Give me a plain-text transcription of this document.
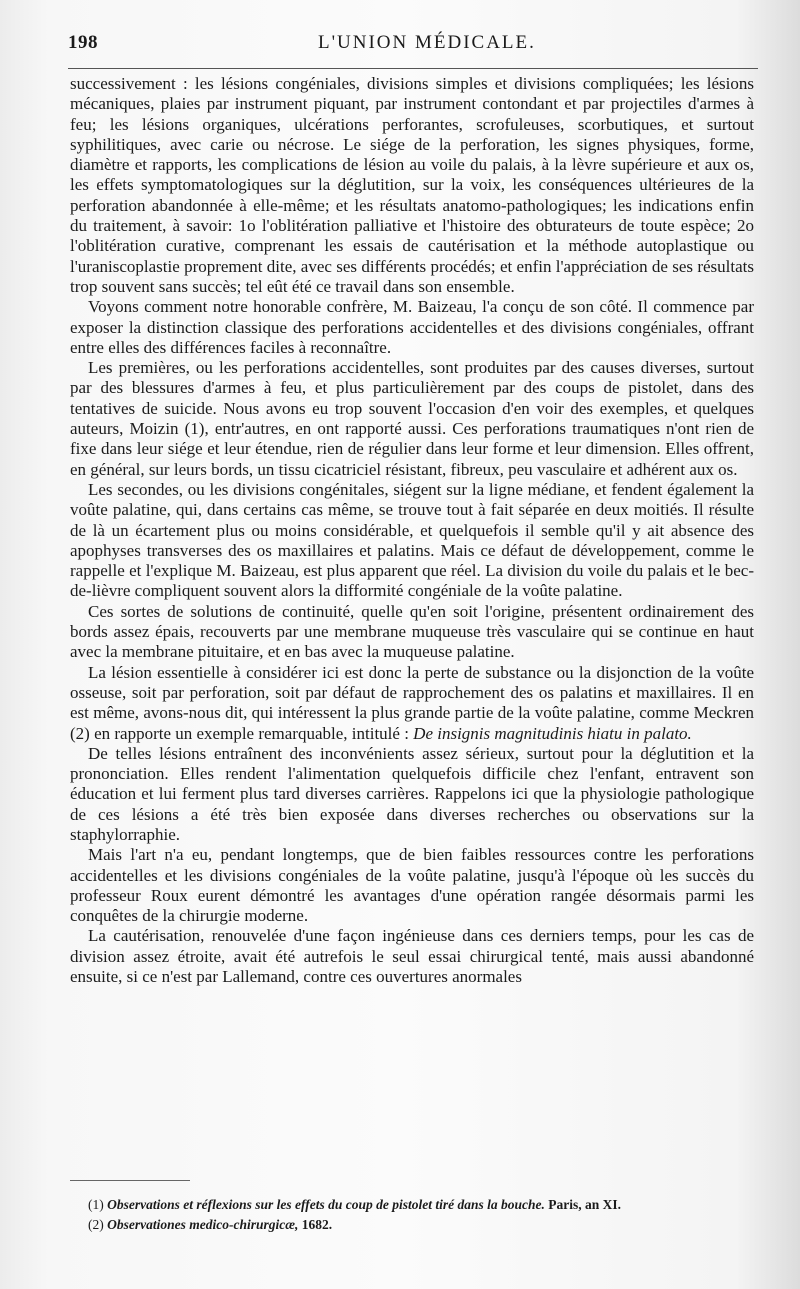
198	L'UNION MÉDICALE.

successivement : les lésions congéniales, divisions simples et divisions compliquées; les lésions mécaniques, plaies par instrument piquant, par instrument contondant et par projectiles d'armes à feu; les lésions organiques, ulcérations perforantes, scrofuleuses, scorbutiques, et surtout syphilitiques, avec carie ou nécrose. Le siége de la perforation, les signes physiques, forme, diamètre et rapports, les complications de lésion au voile du palais, à la lèvre supérieure et aux os, les effets symptomatologiques sur la déglutition, sur la voix, les conséquences ultérieures de la perforation abandonnée à elle-même; et les résultats anatomo-pathologiques; les indications enfin du traitement, à savoir: 1o l'oblitération palliative et l'histoire des obturateurs de toute espèce; 2o l'oblitération curative, comprenant les essais de cautérisation et la méthode autoplastique ou l'uraniscoplastie proprement dite, avec ses différents procédés; et enfin l'appréciation de ses résultats trop souvent sans succès; tel eût été ce travail dans son ensemble.

Voyons comment notre honorable confrère, M. Baizeau, l'a conçu de son côté. Il commence par exposer la distinction classique des perforations accidentelles et des divisions congéniales, offrant entre elles des différences faciles à reconnaître.

Les premières, ou les perforations accidentelles, sont produites par des causes diverses, surtout par des blessures d'armes à feu, et plus particulièrement par des coups de pistolet, dans des tentatives de suicide. Nous avons eu trop souvent l'occasion d'en voir des exemples, et quelques auteurs, Moizin (1), entr'autres, en ont rapporté aussi. Ces perforations traumatiques n'ont rien de fixe dans leur siége et leur étendue, rien de régulier dans leur forme et leur dimension. Elles offrent, en général, sur leurs bords, un tissu cicatriciel résistant, fibreux, peu vasculaire et adhérent aux os.

Les secondes, ou les divisions congénitales, siégent sur la ligne médiane, et fendent également la voûte palatine, qui, dans certains cas même, se trouve tout à fait séparée en deux moitiés. Il résulte de là un écartement plus ou moins considérable, et quelquefois il semble qu'il y ait absence des apophyses transverses des os maxillaires et palatins. Mais ce défaut de développement, comme le rappelle et l'explique M. Baizeau, est plus apparent que réel. La division du voile du palais et le bec-de-lièvre compliquent souvent alors la difformité congéniale de la voûte palatine.

Ces sortes de solutions de continuité, quelle qu'en soit l'origine, présentent ordinairement des bords assez épais, recouverts par une membrane muqueuse très vasculaire qui se continue en haut avec la membrane pituitaire, et en bas avec la muqueuse palatine.

La lésion essentielle à considérer ici est donc la perte de substance ou la disjonction de la voûte osseuse, soit par perforation, soit par défaut de rapprochement des os palatins et maxillaires. Il en est même, avons-nous dit, qui intéressent la plus grande partie de la voûte palatine, comme Meckren (2) en rapporte un exemple remarquable, intitulé : De insignis magnitudinis hiatu in palato.

De telles lésions entraînent des inconvénients assez sérieux, surtout pour la déglutition et la prononciation. Elles rendent l'alimentation quelquefois difficile chez l'enfant, entravent son éducation et lui ferment plus tard diverses carrières. Rappelons ici que la physiologie pathologique de ces lésions a été très bien exposée dans diverses recherches ou observations sur la staphylorraphie.

Mais l'art n'a eu, pendant longtemps, que de bien faibles ressources contre les perforations accidentelles et les divisions congéniales de la voûte palatine, jusqu'à l'époque où les succès du professeur Roux eurent démontré les avantages d'une opération rangée désormais parmi les conquêtes de la chirurgie moderne.

La cautérisation, renouvelée d'une façon ingénieuse dans ces derniers temps, pour les cas de division assez étroite, avait été autrefois le seul essai chirurgical tenté, mais aussi abandonné ensuite, si ce n'est par Lallemand, contre ces ouvertures anormales

(1) Observations et réflexions sur les effets du coup de pistolet tiré dans la bouche. Paris, an XI.
(2) Observationes medico-chirurgicæ, 1682.
